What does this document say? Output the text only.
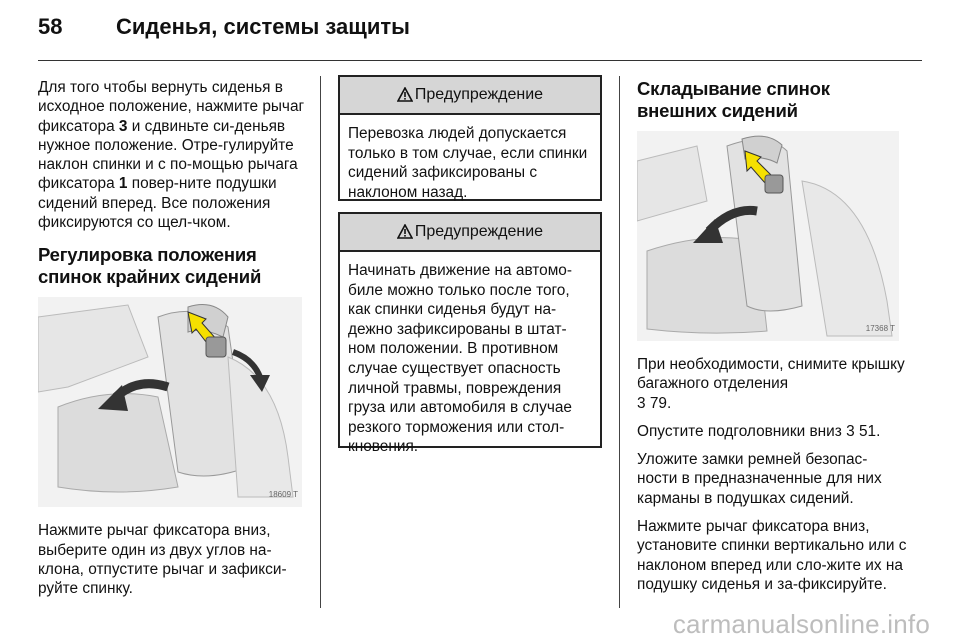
58 Сиденья, системы защиты

Для того чтобы вернуть сиденья в исходное положение, нажмите рычаг фиксатора 3 и сдвиньте си-деньяв нужное положение. Отре-гулируйте наклон спинки и с по-мощью рычага фиксатора 1 повер-ните подушки сидений вперед. Все положения фиксируются со щел-чком.

Регулировка положения спинок крайних сидений
18609 T

Нажмите рычаг фиксатора вниз, выберите один из двух углов на-клона, отпустите рычаг и зафикси-руйте спинку.

Предупреждение
Перевозка людей допускается только в том случае, если спинки сидений зафиксированы с наклоном назад.
Предупреждение
Начинать движение на автомо-биле можно только после того, как спинки сиденья будут на-дежно зафиксированы в штат-ном положении. В противном случае существует опасность личной травмы, повреждения груза или автомобиля в случае резкого торможения или стол-кновения.
Складывание спинок внешних сидений
17368 T

При необходимости, снимите крышку багажного отделения
3 79.

Опустите подголовники вниз 3 51.

Уложите замки ремней безопас-ности в предназначенные для них карманы в подушках сидений.

Нажмите рычаг фиксатора вниз, установите спинки вертикально или с наклоном вперед или сло-жите их на подушку сиденья и за-фиксируйте.

carmanualsonline.info
